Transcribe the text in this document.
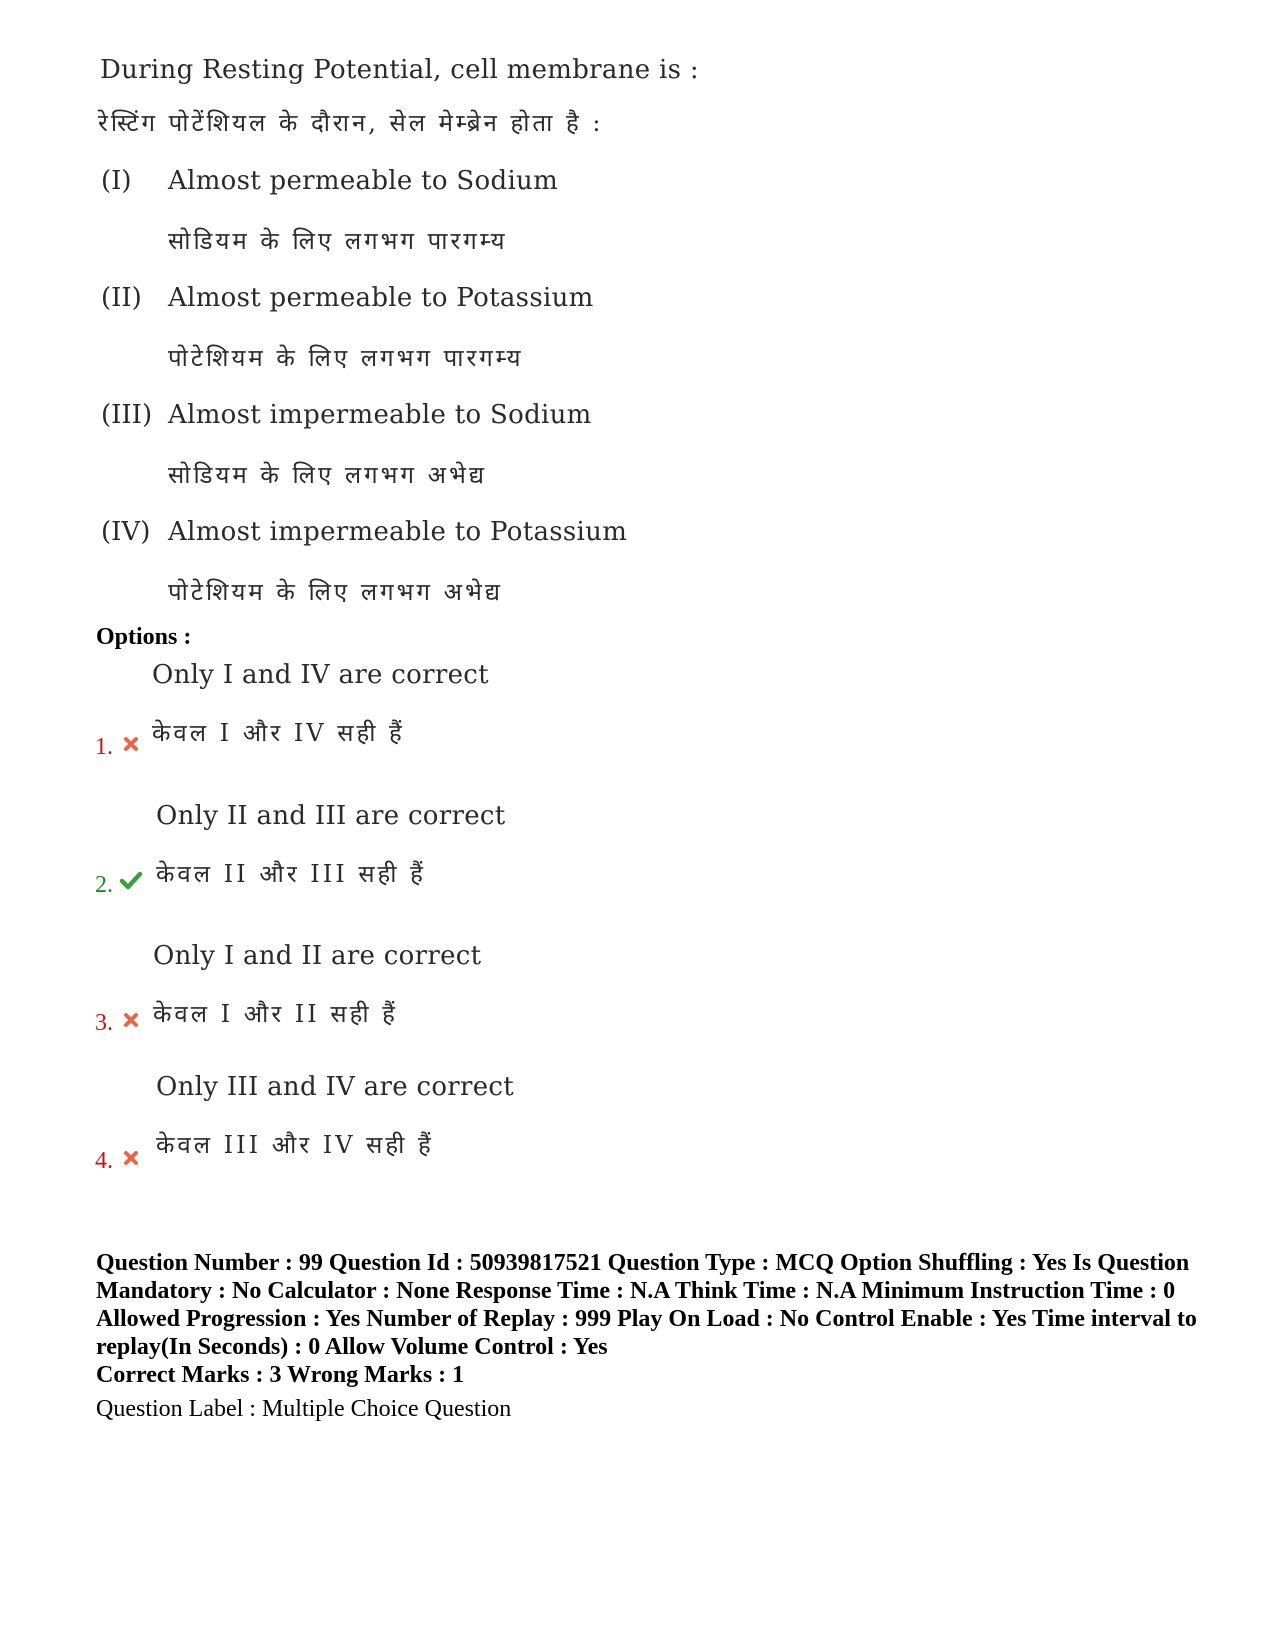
During Resting Potential, cell membrane is :
रेस्टिंग पोटेंशियल के दौरान, सेल मेम्ब्रेन होता है :
(I) Almost permeable to Sodium
सोडियम के लिए लगभग पारगम्य
(II) Almost permeable to Potassium
पोटेशियम के लिए लगभग पारगम्य
(III) Almost impermeable to Sodium
सोडियम के लिए लगभग अभेद्य
(IV) Almost impermeable to Potassium
पोटेशियम के लिए लगभग अभेद्य
Options :
Only I and IV are correct
केवल I और IV सही हैं
1.
Only II and III are correct
केवल II और III सही हैं
2.
Only I and II are correct
केवल I और II सही हैं
3.
Only III and IV are correct
केवल III और IV सही हैं
4.
Question Number : 99 Question Id : 50939817521 Question Type : MCQ Option Shuffling : Yes Is Question Mandatory : No Calculator : None Response Time : N.A Think Time : N.A Minimum Instruction Time : 0 Allowed Progression : Yes Number of Replay : 999 Play On Load : No Control Enable : Yes Time interval to replay(In Seconds) : 0 Allow Volume Control : Yes
Correct Marks : 3 Wrong Marks : 1
Question Label : Multiple Choice Question
